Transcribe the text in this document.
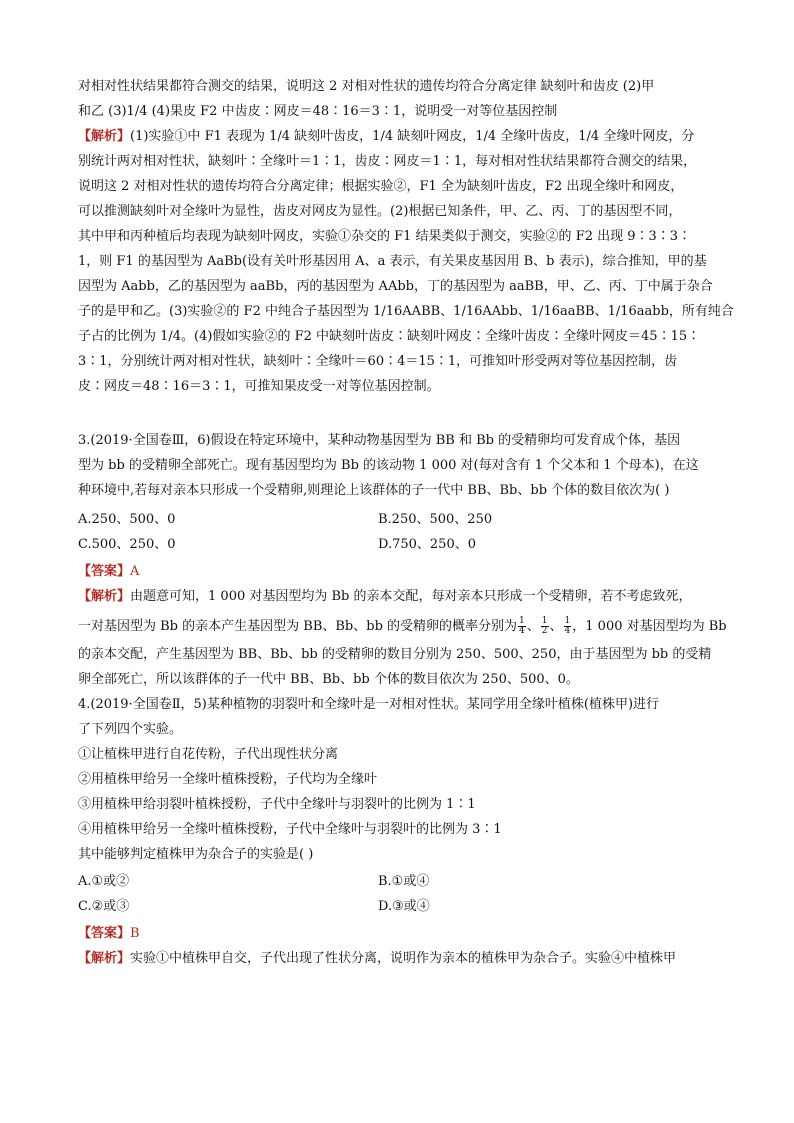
对相对性状结果都符合测交的结果，说明这 2 对相对性状的遗传均符合分离定律 缺刻叶和齿皮 (2)甲
和乙 (3)1/4 (4)果皮 F2 中齿皮∶网皮＝48∶16＝3∶1，说明受一对等位基因控制
【解析】(1)实验①中 F1 表现为 1/4 缺刻叶齿皮，1/4 缺刻叶网皮，1/4 全缘叶齿皮，1/4 全缘叶网皮，分
别统计两对相对性状，缺刻叶∶全缘叶＝1∶1，齿皮∶网皮＝1∶1，每对相对性状结果都符合测交的结果，
说明这 2 对相对性状的遗传均符合分离定律；根据实验②，F1 全为缺刻叶齿皮，F2 出现全缘叶和网皮，
可以推测缺刻叶对全缘叶为显性，齿皮对网皮为显性。(2)根据已知条件，甲、乙、丙、丁的基因型不同，
其中甲和丙种植后均表现为缺刻叶网皮，实验①杂交的 F1 结果类似于测交，实验②的 F2 出现 9∶3∶3∶
1，则 F1 的基因型为 AaBb(设有关叶形基因用 A、a 表示，有关果皮基因用 B、b 表示)，综合推知，甲的基
因型为 Aabb，乙的基因型为 aaBb，丙的基因型为 AAbb，丁的基因型为 aaBB，甲、乙、丙、丁中属于杂合
子的是甲和乙。(3)实验②的 F2 中纯合子基因型为 1/16AABB、1/16AAbb、1/16aaBB、1/16aabb，所有纯合
子占的比例为 1/4。(4)假如实验②的 F2 中缺刻叶齿皮∶缺刻叶网皮∶全缘叶齿皮∶全缘叶网皮＝45∶15∶
3∶1，分别统计两对相对性状，缺刻叶∶全缘叶＝60∶4＝15∶1，可推知叶形受两对等位基因控制，齿
皮∶网皮＝48∶16＝3∶1，可推知果皮受一对等位基因控制。
3.(2019·全国卷Ⅲ，6)假设在特定环境中，某种动物基因型为 BB 和 Bb 的受精卵均可发育成个体，基因
型为 bb 的受精卵全部死亡。现有基因型均为 Bb 的该动物 1 000 对(每对含有 1 个父本和 1 个母本)，在这
种环境中,若每对亲本只形成一个受精卵,则理论上该群体的子一代中 BB、Bb、bb 个体的数目依次为( )
A.250、500、0	B.250、500、250
C.500、250、0	D.750、250、0
【答案】A
【解析】由题意可知，1 000 对基因型均为 Bb 的亲本交配，每对亲本只形成一个受精卵，若不考虑致死，
一对基因型为 Bb 的亲本产生基因型为 BB、Bb、bb 的受精卵的概率分别为 $\frac{1}{4}$ 、 $\frac{1}{2}$ 、 $\frac{1}{4}$ ，1 000 对基因型均为 Bb
的亲本交配，产生基因型为 BB、Bb、bb 的受精卵的数目分别为 250、500、250，由于基因型为 bb 的受精
卵全部死亡，所以该群体的子一代中 BB、Bb、bb 个体的数目依次为 250、500、0。
4.(2019·全国卷Ⅱ，5)某种植物的羽裂叶和全缘叶是一对相对性状。某同学用全缘叶植株(植株甲)进行
了下列四个实验。
①让植株甲进行自花传粉，子代出现性状分离
②用植株甲给另一全缘叶植株授粉，子代均为全缘叶
③用植株甲给羽裂叶植株授粉，子代中全缘叶与羽裂叶的比例为 1∶1
④用植株甲给另一全缘叶植株授粉，子代中全缘叶与羽裂叶的比例为 3∶1
其中能够判定植株甲为杂合子的实验是( )
A.①或②	B.①或④
C.②或③	D.③或④
【答案】B
【解析】实验①中植株甲自交，子代出现了性状分离，说明作为亲本的植株甲为杂合子。实验④中植株甲
